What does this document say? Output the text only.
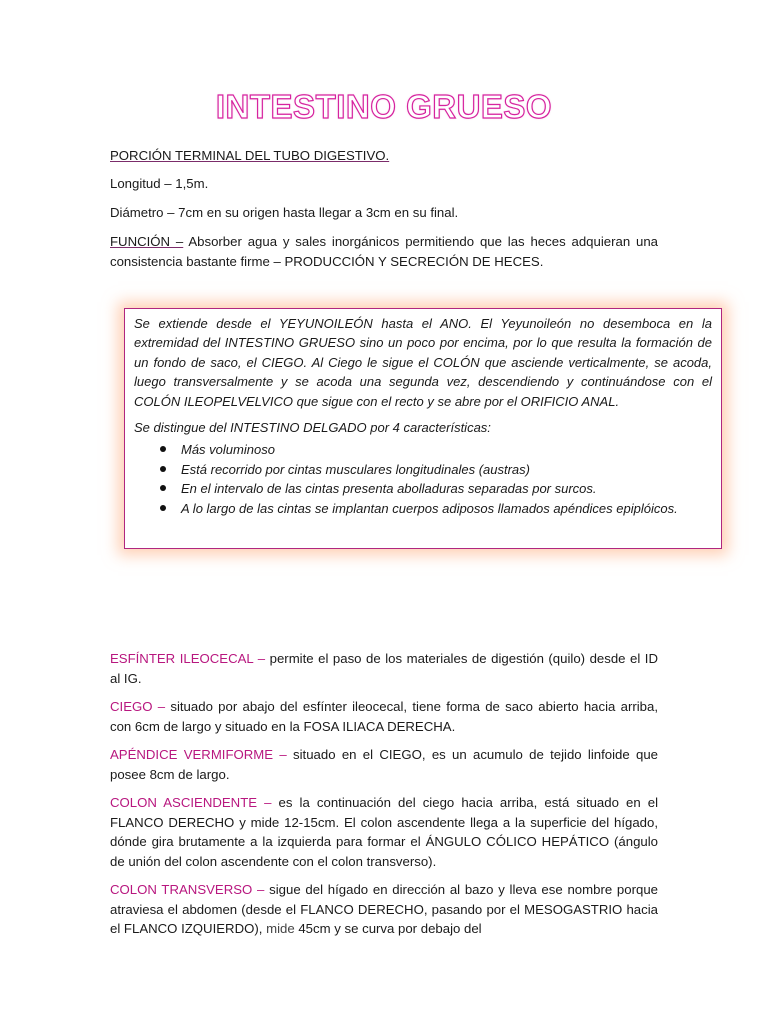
INTESTINO GRUESO
PORCIÓN TERMINAL DEL TUBO DIGESTIVO.
Longitud – 1,5m.
Diámetro – 7cm en su origen hasta llegar a 3cm en su final.
FUNCIÓN – Absorber agua y sales inorgánicos permitiendo que las heces adquieran una consistencia bastante firme – PRODUCCIÓN Y SECRECIÓN DE HECES.

Se extiende desde el YEYUNOILEÓN hasta el ANO. El Yeyunoileón no desemboca en la extremidad del INTESTINO GRUESO sino un poco por encima, por lo que resulta la formación de un fondo de saco, el CIEGO. Al Ciego le sigue el COLÓN que asciende verticalmente, se acoda, luego transversalmente y se acoda una segunda vez, descendiendo y continuándose con el COLÓN ILEOPELVELVICO que sigue con el recto y se abre por el ORIFICIO ANAL.

Se distingue del INTESTINO DELGADO por 4 características:

Más voluminoso
Está recorrido por cintas musculares longitudinales (austras)
En el intervalo de las cintas presenta abolladuras separadas por surcos.
A lo largo de las cintas se implantan cuerpos adiposos llamados apéndices epiplóicos.
ESFÍNTER ILEOCECAL – permite el paso de los materiales de digestión (quilo) desde el ID al IG.
CIEGO – situado por abajo del esfínter ileocecal, tiene forma de saco abierto hacia arriba, con 6cm de largo y situado en la FOSA ILIACA DERECHA.
APÉNDICE VERMIFORME – situado en el CIEGO, es un acumulo de tejido linfoide que posee 8cm de largo.
COLON ASCIENDENTE – es la continuación del ciego hacia arriba, está situado en el FLANCO DERECHO y mide 12-15cm. El colon ascendente llega a la superficie del hígado, dónde gira brutamente a la izquierda para formar el ÁNGULO CÓLICO HEPÁTICO (ángulo de unión del colon ascendente con el colon transverso).
COLON TRANSVERSO – sigue del hígado en dirección al bazo y lleva ese nombre porque atraviesa el abdomen (desde el FLANCO DERECHO, pasando por el MESOGASTRIO hacia el FLANCO IZQUIERDO), mide 45cm y se curva por debajo del
